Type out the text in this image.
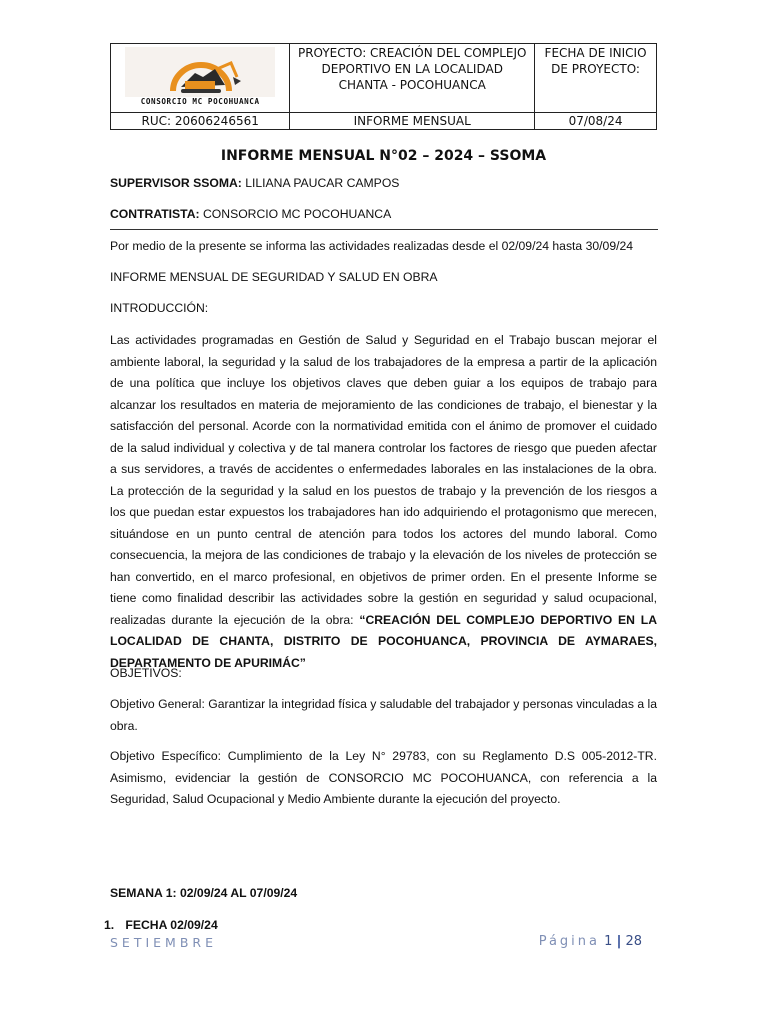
CONSORCIO MC POCOHUANCA	PROYECTO: CREACIÓN DEL COMPLEJO DEPORTIVO EN LA LOCALIDAD CHANTA - POCOHUANCA	FECHA DE INICIO DE PROYECTO:
RUC: 20606246561	INFORME MENSUAL	07/08/24
INFORME MENSUAL N°02 – 2024 – SSOMA
SUPERVISOR SSOMA: LILIANA PAUCAR CAMPOS
CONTRATISTA: CONSORCIO MC POCOHUANCA
Por medio de la presente se informa las actividades realizadas desde el 02/09/24 hasta 30/09/24
INFORME MENSUAL DE SEGURIDAD Y SALUD EN OBRA
INTRODUCCIÓN:
Las actividades programadas en Gestión de Salud y Seguridad en el Trabajo buscan mejorar el ambiente laboral, la seguridad y la salud de los trabajadores de la empresa a partir de la aplicación de una política que incluye los objetivos claves que deben guiar a los equipos de trabajo para alcanzar los resultados en materia de mejoramiento de las condiciones de trabajo, el bienestar y la satisfacción del personal. Acorde con la normatividad emitida con el ánimo de promover el cuidado de la salud individual y colectiva y de tal manera controlar los factores de riesgo que pueden afectar a sus servidores, a través de accidentes o enfermedades laborales en las instalaciones de la obra. La protección de la seguridad y la salud en los puestos de trabajo y la prevención de los riesgos a los que puedan estar expuestos los trabajadores han ido adquiriendo el protagonismo que merecen, situándose en un punto central de atención para todos los actores del mundo laboral. Como consecuencia, la mejora de las condiciones de trabajo y la elevación de los niveles de protección se han convertido, en el marco profesional, en objetivos de primer orden. En el presente Informe se tiene como finalidad describir las actividades sobre la gestión en seguridad y salud ocupacional, realizadas durante la ejecución de la obra: “CREACIÓN DEL COMPLEJO DEPORTIVO EN LA LOCALIDAD DE CHANTA, DISTRITO DE POCOHUANCA, PROVINCIA DE AYMARAES, DEPARTAMENTO DE APURIMÁC”
OBJETIVOS:
Objetivo General: Garantizar la integridad física y saludable del trabajador y personas vinculadas a la obra.
Objetivo Específico: Cumplimiento de la Ley N° 29783, con su Reglamento D.S 005-2012-TR. Asimismo, evidenciar la gestión de CONSORCIO MC POCOHUANCA, con referencia a la Seguridad, Salud Ocupacional y Medio Ambiente durante la ejecución del proyecto.
SEMANA 1: 02/09/24 AL 07/09/24
1. FECHA 02/09/24
SETIEMBRE	Página 1 | 28
